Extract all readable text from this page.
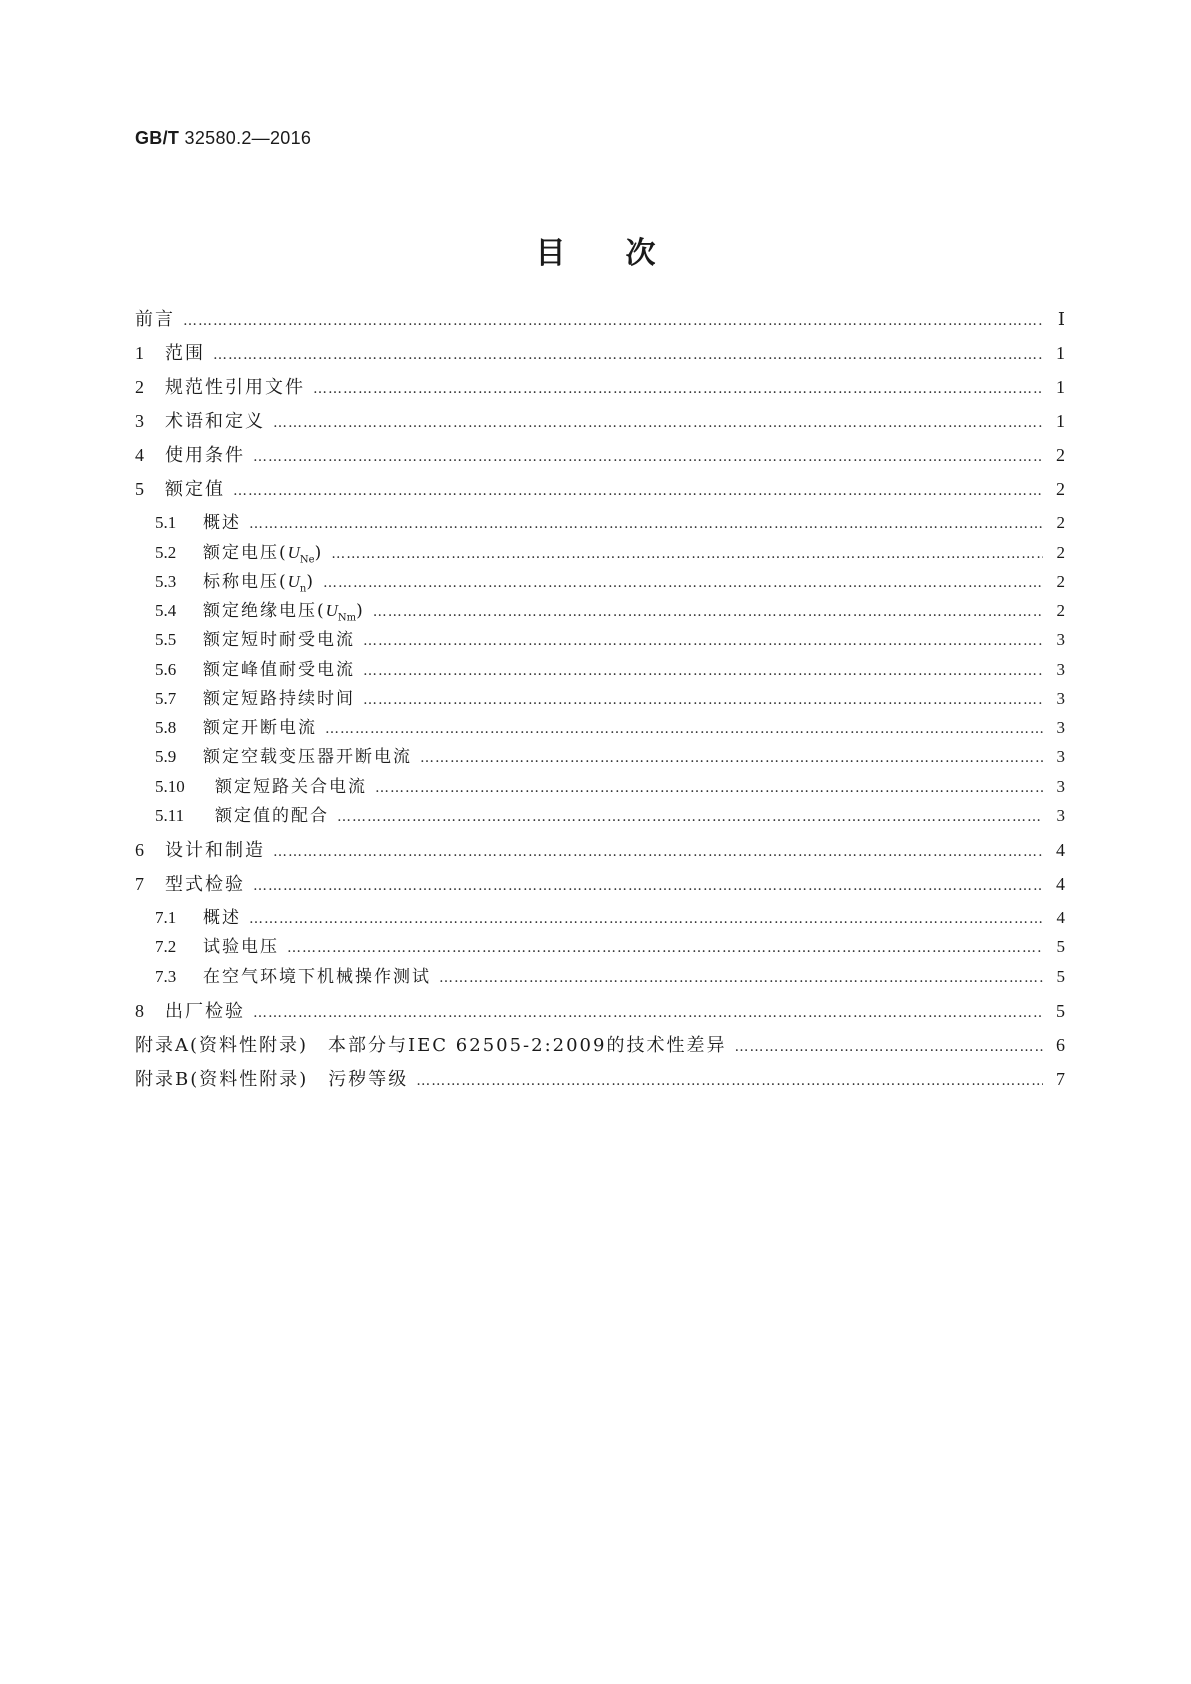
GB/T 32580.2—2016
目次
前言 …………………………………………………………………………………………………………………………………………………………………………………………………………………………………………………………	Ⅰ
1	范围 …………………………………………………………………………………………………………………………………………………………………………………………………………………………………………………………	1
2	规范性引用文件 …………………………………………………………………………………………………………………………………………………………………………………………………………………………………………………………	1
3	术语和定义 …………………………………………………………………………………………………………………………………………………………………………………………………………………………………………………………	1
4	使用条件 …………………………………………………………………………………………………………………………………………………………………………………………………………………………………………………………	2
5	额定值 …………………………………………………………………………………………………………………………………………………………………………………………………………………………………………………………	2
5.1	概述 …………………………………………………………………………………………………………………………………………………………………………………………………………………………………………………………	2
5.2	额定电压$(U_{Ne})$ …………………………………………………………………………………………………………………………………………………………………………………………………………………………………………………………	2
5.3	标称电压$(U_n)$ …………………………………………………………………………………………………………………………………………………………………………………………………………………………………………………………	2
5.4	额定绝缘电压$(U_{Nm})$ …………………………………………………………………………………………………………………………………………………………………………………………………………………………………………………………	2
5.5	额定短时耐受电流 …………………………………………………………………………………………………………………………………………………………………………………………………………………………………………………………	3
5.6	额定峰值耐受电流 …………………………………………………………………………………………………………………………………………………………………………………………………………………………………………………………	3
5.7	额定短路持续时间 …………………………………………………………………………………………………………………………………………………………………………………………………………………………………………………………	3
5.8	额定开断电流 …………………………………………………………………………………………………………………………………………………………………………………………………………………………………………………………	3
5.9	额定空载变压器开断电流 …………………………………………………………………………………………………………………………………………………………………………………………………………………………………………………………	3
5.10	额定短路关合电流 …………………………………………………………………………………………………………………………………………………………………………………………………………………………………………………………	3
5.11	额定值的配合 …………………………………………………………………………………………………………………………………………………………………………………………………………………………………………………………	3
6	设计和制造 …………………………………………………………………………………………………………………………………………………………………………………………………………………………………………………………	4
7	型式检验 …………………………………………………………………………………………………………………………………………………………………………………………………………………………………………………………	4
7.1	概述 …………………………………………………………………………………………………………………………………………………………………………………………………………………………………………………………	4
7.2	试验电压 …………………………………………………………………………………………………………………………………………………………………………………………………………………………………………………………	5
7.3	在空气环境下机械操作测试 …………………………………………………………………………………………………………………………………………………………………………………………………………………………………………………………	5
8	出厂检验 …………………………………………………………………………………………………………………………………………………………………………………………………………………………………………………………	5
附录A(资料性附录)　本部分与IEC 62505-2:2009的技术性差异 …………………………………………………………………………………………………………………………………………………………………………………………………………………………………………………………	6
附录B(资料性附录)　污秽等级 …………………………………………………………………………………………………………………………………………………………………………………………………………………………………………………………	7
